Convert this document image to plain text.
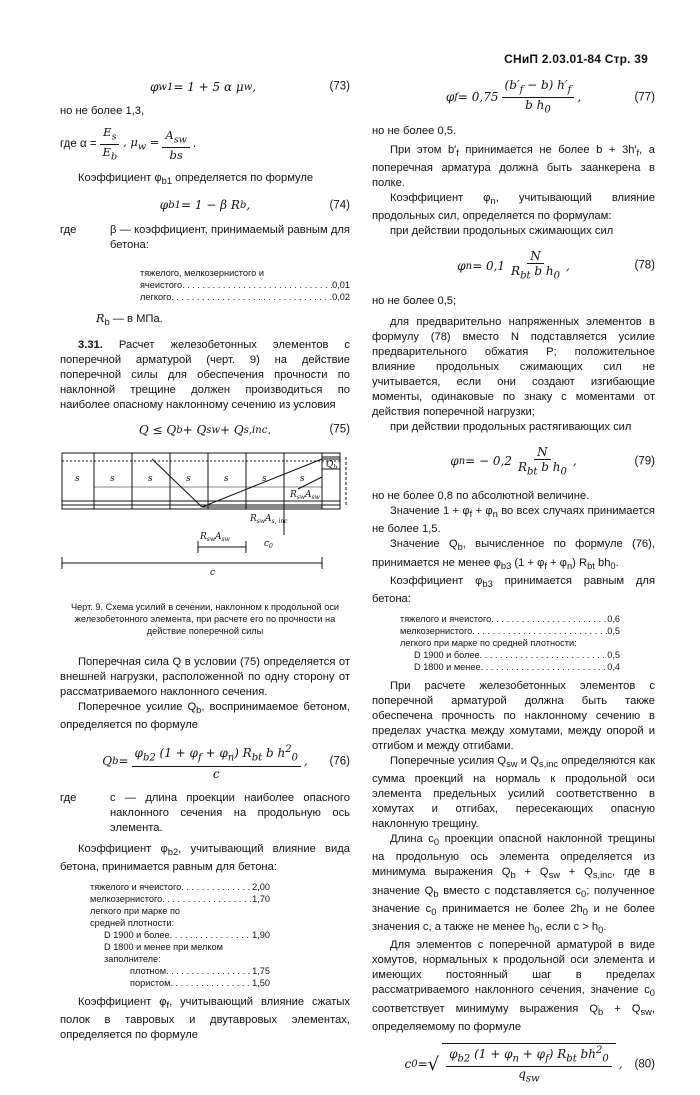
СНиП 2.03.01-84 Стр. 39
φ w1 = 1 + 5 α μ w ,	(73)

но не более 1,3,

где $\alpha = \frac{E_s}{E_b}$ , $\mu_w = \frac{A_{sw}}{bs}$ .

Коэффициент $\varphi_{b1}$ определяется по формуле

φ b1 = 1 − β R b ,	(74)
где	β — коэффициент, принимаемый равным для бетона:
тяжелого, мелкозернистого и
ячеистого . . .	0,01
легкого . . .	0,02

$R_b$ — в МПа.

3.31. Расчет железобетонных элементов с поперечной арматурой (черт. 9) на действие поперечной силы для обеспечения прочности по наклонной трещине должен производиться по наиболее опасному наклонному сечению из условия

Q ≤ Q b + Q sw + Q s,inc .	(75)
s	s	s	s	s	s	s
$Q_b$
$R_{sw}A_{sw}$
$R_{sw}A_{s, inc}$
$R_{sw}A_{sw}$	$c_0$
c

Черт. 9. Схема усилий в сечении, наклонном к продольной оси железобетонного элемента, при расчете его по прочности на действие поперечной силы

Поперечная сила Q в условии (75) определяется от внешней нагрузки, расположенной по одну сторону от рассматриваемого наклонного сечения.

Поперечное усилие $Q_b$, воспринимаемое бетоном, определяется по формуле

Q $b = \frac{\varphi_{b2} (1 + \varphi_f + \varphi_n) R_{bt} b h^2_0}{c}$ , (76)
где	c — длина проекции наиболее опасного наклонного сечения на продольную ось элемента.

Коэффициент $\varphi_{b2}$, учитывающий влияние вида бетона, принимается равным для бетона:

тяжелого и ячеистого . . .	2,00
мелкозернистого . . .	1,70
легкого при марке по средней плотности:
D 1900 и более . . .	1,90
D 1800 и менее при мелком заполнителе:
плотном . . .	1,75
пористом . . .	1,50

Коэффициент $\varphi_f$, учитывающий влияние сжатых полок в тавровых и двутавровых элементах, определяется по формуле

φ $f = 0,75 \frac{(b'_f - b) h'_f}{b h_0}$ ,	(77)

но не более 0,5.

При этом $b'_f$ принимается не более $b + 3h'_f$, а поперечная арматура должна быть заанкерена в полке.

Коэффициент $\varphi_n$, учитывающий влияние продольных сил, определяется по формулам:

при действии продольных сжимающих сил

φ $n = 0,1 \frac{N}{R_{bt} b h_0}$ ,	(78)

но не более 0,5;

для предварительно напряженных элементов в формулу (78) вместо N подставляется усилие предварительного обжатия P; положительное влияние продольных сжимающих сил не учитывается, если они создают изгибающие моменты, одинаковые по знаку с моментами от действия поперечной нагрузки;

при действии продольных растягивающих сил

φ n = − $0,2 \frac{N}{R_{bt} b h_0}$ ,	(79)

но не более 0,8 по абсолютной величине.

Значение $1 + \varphi_f + \varphi_n$ во всех случаях принимается не более 1,5.

Значение $Q_b$, вычисленное по формуле (76), принимается не менее $\varphi_{b3}$ $(1 + \varphi_f + \varphi_n)$ $R_{bt}$ $bh_0$.

Коэффициент $\varphi_{b3}$ принимается равным для бетона:

тяжелого и ячеистого . . .	0,6
мелкозернистого . . .	0,5
легкого при марке по средней плотности:
D 1900 и более . . .	0,5
D 1800 и менее . . .	0,4

При расчете железобетонных элементов с поперечной арматурой должна быть также обеспечена прочность по наклонному сечению в пределах участка между хомутами, между опорой и отгибом и между отгибами.

Поперечные усилия $Q_{sw}$ и $Q_{s,inc}$ определяются как сумма проекций на нормаль к продольной оси элемента предельных усилий соответственно в хомутах и отгибах, пересекающих опасную наклонную трещину.

Длина $c_0$ проекции опасной наклонной трещины на продольную ось элемента определяется из минимума выражения $Q_b + Q_{sw} + Q_{s,inc}$, где в значение $Q_b$ вместо c подставляется $c_0$; полученное значение $c_0$ принимается не более $2h_0$ и не более значения c, а также не менее $h_0$, если $c > h_0$.

Для элементов с поперечной арматурой в виде хомутов, нормальных к продольной оси элемента и имеющих постоянный шаг в пределах рассматриваемого наклонного сечения, значение $c_0$ соответствует минимуму выражения $Q_b + Q_{sw}$, определяемому по формуле

c 0 = √ $\frac{\varphi_{b2} (1 + \varphi_n + \varphi_f) R_{bt} bh^2_0}{q_{sw}}$ , (80)
